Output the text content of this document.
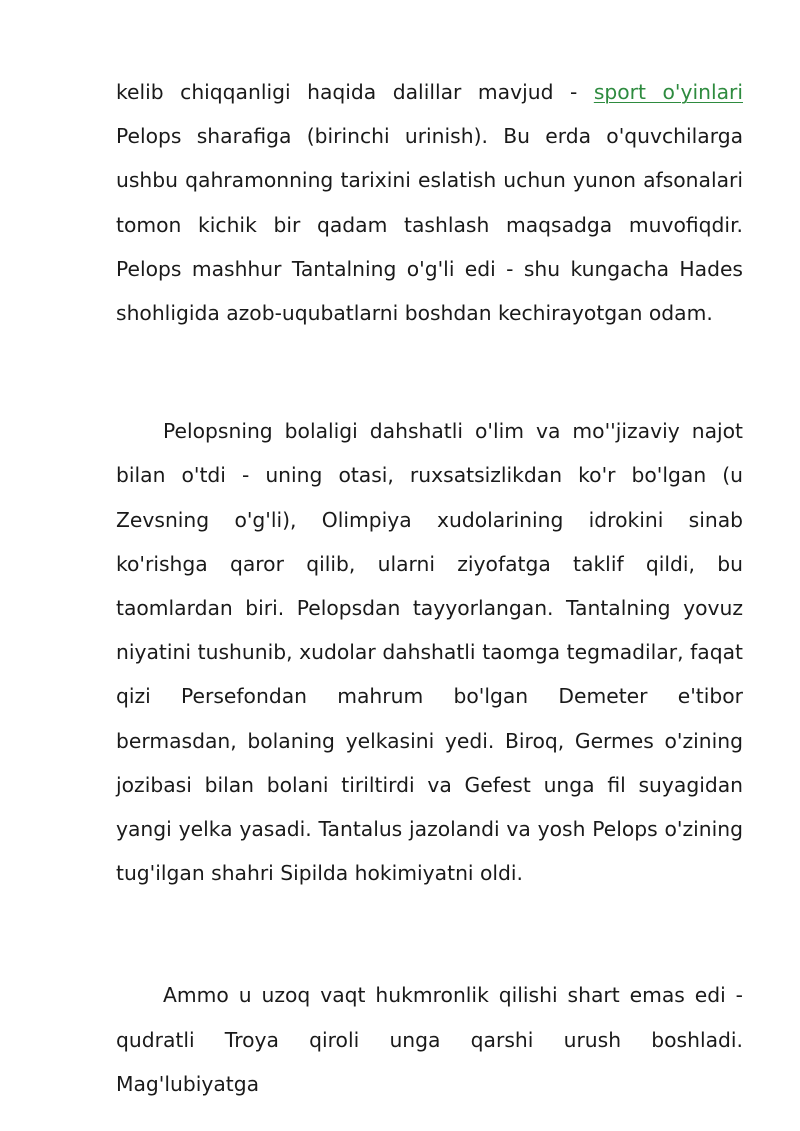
kelib chiqqanligi haqida dalillar mavjud - sport o'yinlari Pelops sharafiga (birinchi urinish). Bu erda o'quvchilarga ushbu qahramonning tarixini eslatish uchun yunon afsonalari tomon kichik bir qadam tashlash maqsadga muvofiqdir. Pelops mashhur Tantalning o'g'li edi - shu kungacha Hades shohligida azob-uqubatlarni boshdan kechirayotgan odam.

Pelopsning bolaligi dahshatli o'lim va mo''jizaviy najot bilan o'tdi - uning otasi, ruxsatsizlikdan ko'r bo'lgan (u Zevsning o'g'li), Olimpiya xudolarining idrokini sinab ko'rishga qaror qilib, ularni ziyofatga taklif qildi, bu taomlardan biri. Pelopsdan tayyorlangan. Tantalning yovuz niyatini tushunib, xudolar dahshatli taomga tegmadilar, faqat qizi Persefondan mahrum bo'lgan Demeter e'tibor bermasdan, bolaning yelkasini yedi. Biroq, Germes o'zining jozibasi bilan bolani tiriltirdi va Gefest unga fil suyagidan yangi yelka yasadi. Tantalus jazolandi va yosh Pelops o'zining tug'ilgan shahri Sipilda hokimiyatni oldi.

Ammo u uzoq vaqt hukmronlik qilishi shart emas edi - qudratli Troya qiroli unga qarshi urush boshladi. Mag'lubiyatga
